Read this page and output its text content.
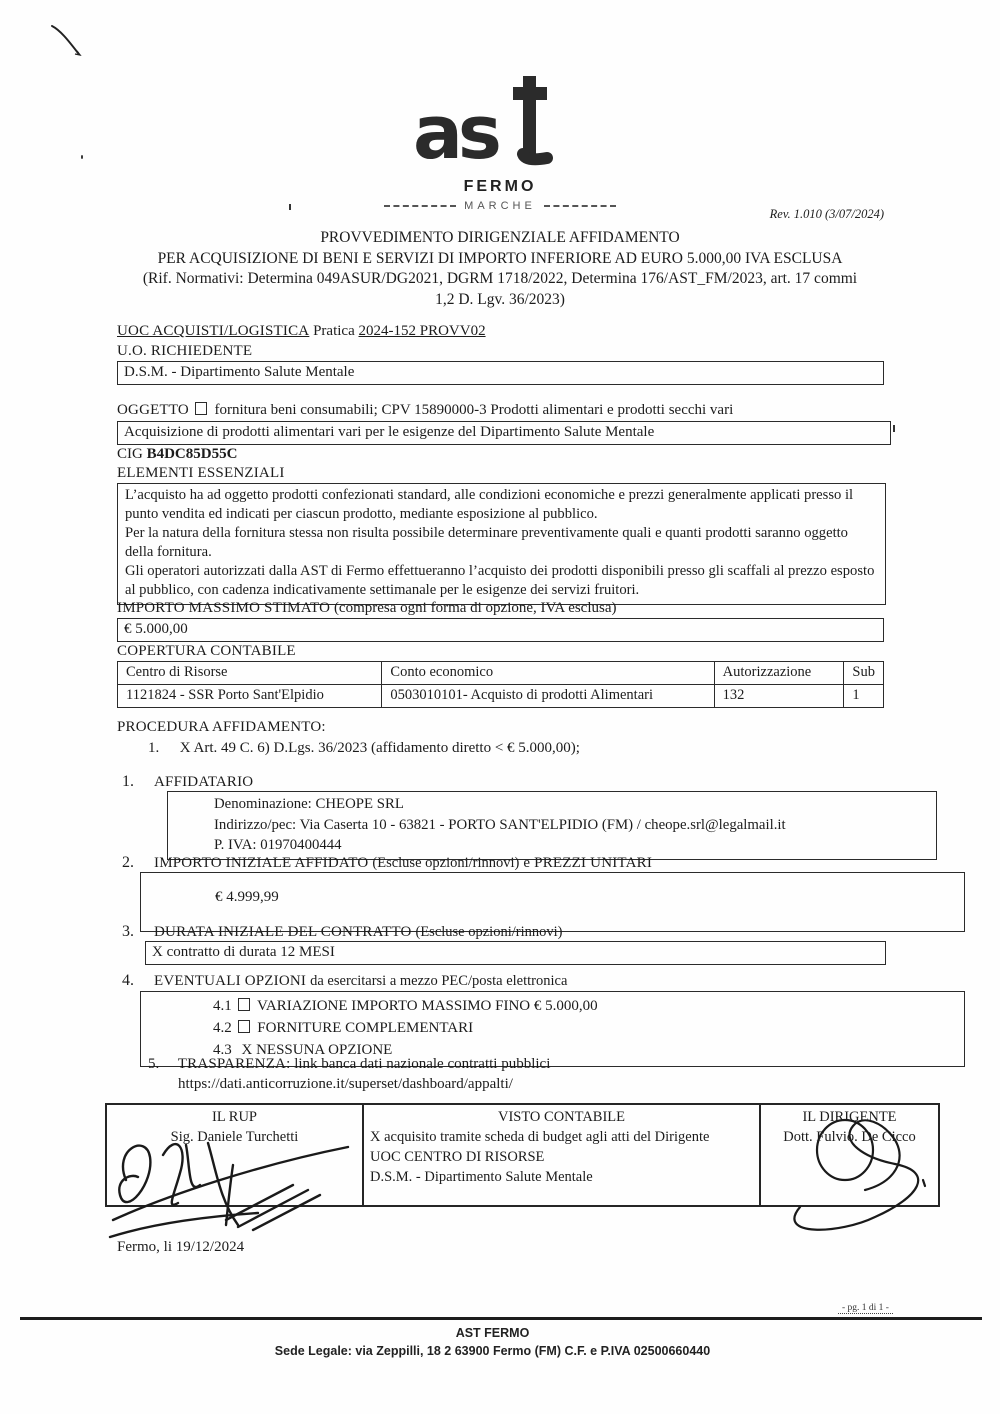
as
FERMO
MARCHE
Rev. 1.010 (3/07/2024)
PROVVEDIMENTO DIRIGENZIALE AFFIDAMENTO
PER ACQUISIZIONE DI BENI E SERVIZI DI IMPORTO INFERIORE AD EURO 5.000,00 IVA ESCLUSA
(Rif. Normativi: Determina 049ASUR/DG2021, DGRM 1718/2022, Determina 176/AST_FM/2023, art. 17 commi
1,2 D. Lgv. 36/2023)
UOC ACQUISTI/LOGISTICA Pratica 2024-152 PROVV02
U.O. RICHIEDENTE
D.S.M. - Dipartimento Salute Mentale
OGGETTO fornitura beni consumabili; CPV 15890000-3 Prodotti alimentari e prodotti secchi vari
Acquisizione di prodotti alimentari vari per le esigenze del Dipartimento Salute Mentale
CIG B4DC85D55C
ELEMENTI ESSENZIALI
L’acquisto ha ad oggetto prodotti confezionati standard, alle condizioni economiche e prezzi generalmente applicati presso il punto vendita ed indicati per ciascun prodotto, mediante esposizione al pubblico.
Per la natura della fornitura stessa non risulta possibile determinare preventivamente quali e quanti prodotti saranno oggetto della fornitura.
Gli operatori autorizzati dalla AST di Fermo effettueranno l’acquisto dei prodotti disponibili presso gli scaffali al prezzo esposto al pubblico, con cadenza indicativamente settimanale per le esigenze dei servizi fruitori.
IMPORTO MASSIMO STIMATO (compresa ogni forma di opzione, IVA esclusa)
€ 5.000,00
COPERTURA CONTABILE
Centro di Risorse	Conto economico	Autorizzazione	Sub
1121824 - SSR Porto Sant'Elpidio	0503010101- Acquisto di prodotti Alimentari	132	1
PROCEDURA AFFIDAMENTO:
1. X Art. 49 C. 6) D.Lgs. 36/2023 (affidamento diretto < € 5.000,00);
1. AFFIDATARIO
Denominazione: CHEOPE SRL
Indirizzo/pec: Via Caserta 10 - 63821 - PORTO SANT'ELPIDIO (FM) / cheope.srl@legalmail.it
P. IVA: 01970400444
2. IMPORTO INIZIALE AFFIDATO (Escluse opzioni/rinnovi) e PREZZI UNITARI
€ 4.999,99
3. DURATA INIZIALE DEL CONTRATTO (Escluse opzioni/rinnovi)
X contratto di durata 12 MESI
4. EVENTUALI OPZIONI da esercitarsi a mezzo PEC/posta elettronica
4.1 VARIAZIONE IMPORTO MASSIMO FINO € 5.000,00
4.2 FORNITURE COMPLEMENTARI
4.3 X NESSUNA OPZIONE
5. TRASPARENZA: link banca dati nazionale contratti pubblici
https://dati.anticorruzione.it/superset/dashboard/appalti/
IL RUP
Sig. Daniele Turchetti

VISTO CONTABILE
X acquisito tramite scheda di budget agli atti del Dirigente
UOC CENTRO DI RISORSE
D.S.M. - Dipartimento Salute Mentale

IL DIRIGENTE
Dott. Fulvio. De Cicco
Fermo, li 19/12/2024
- pg. 1 di 1 -
AST FERMO
Sede Legale: via Zeppilli, 18 2 63900 Fermo (FM) C.F. e P.IVA 02500660440
